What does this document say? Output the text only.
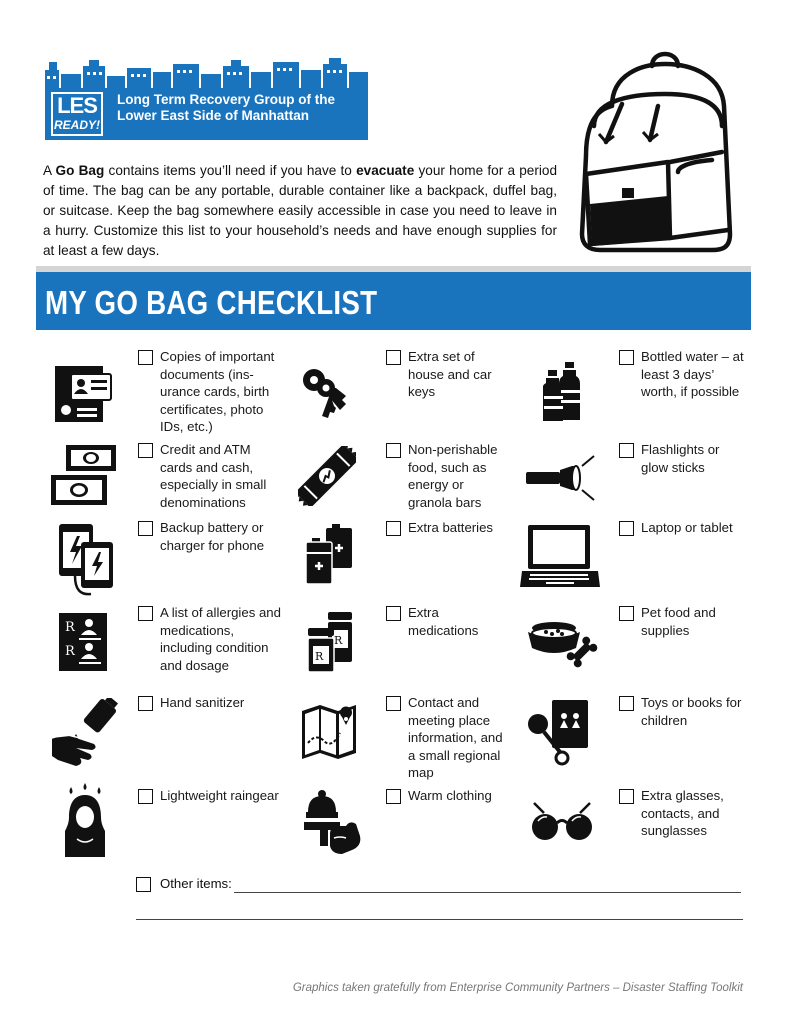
LES
READY!
Long Term Recovery Group of the
Lower East Side of Manhattan

A Go Bag contains items you’ll need if you have to evacuate your home for a period of time. The bag can be any portable, durable container like a backpack, duffel bag, or suitcase. Keep the bag somewhere easily accessible in case you need to leave in a hurry. Customize this list to your household’s needs and have enough supplies for at least a few days.

MY GO BAG CHECKLIST
R
R
R
R
Copies of important documents (ins-urance cards, birth certificates, photo IDs, etc.)
Credit and ATM cards and cash, especially in small denominations
Backup battery or charger for phone
A list of allergies and medications, including condition and dosage
Hand sanitizer
Lightweight raingear
Extra set of house and car keys
Non-perishable food, such as energy or granola bars
Extra batteries
Extra medications
Contact and meeting place information, and a small regional map
Warm clothing
Bottled water – at least 3 days’ worth, if possible
Flashlights or glow sticks
Laptop or tablet
Pet food and supplies
Toys or books for children
Extra glasses, contacts, and sunglasses
Other items:
Graphics taken gratefully from Enterprise Community Partners – Disaster Staffing Toolkit
